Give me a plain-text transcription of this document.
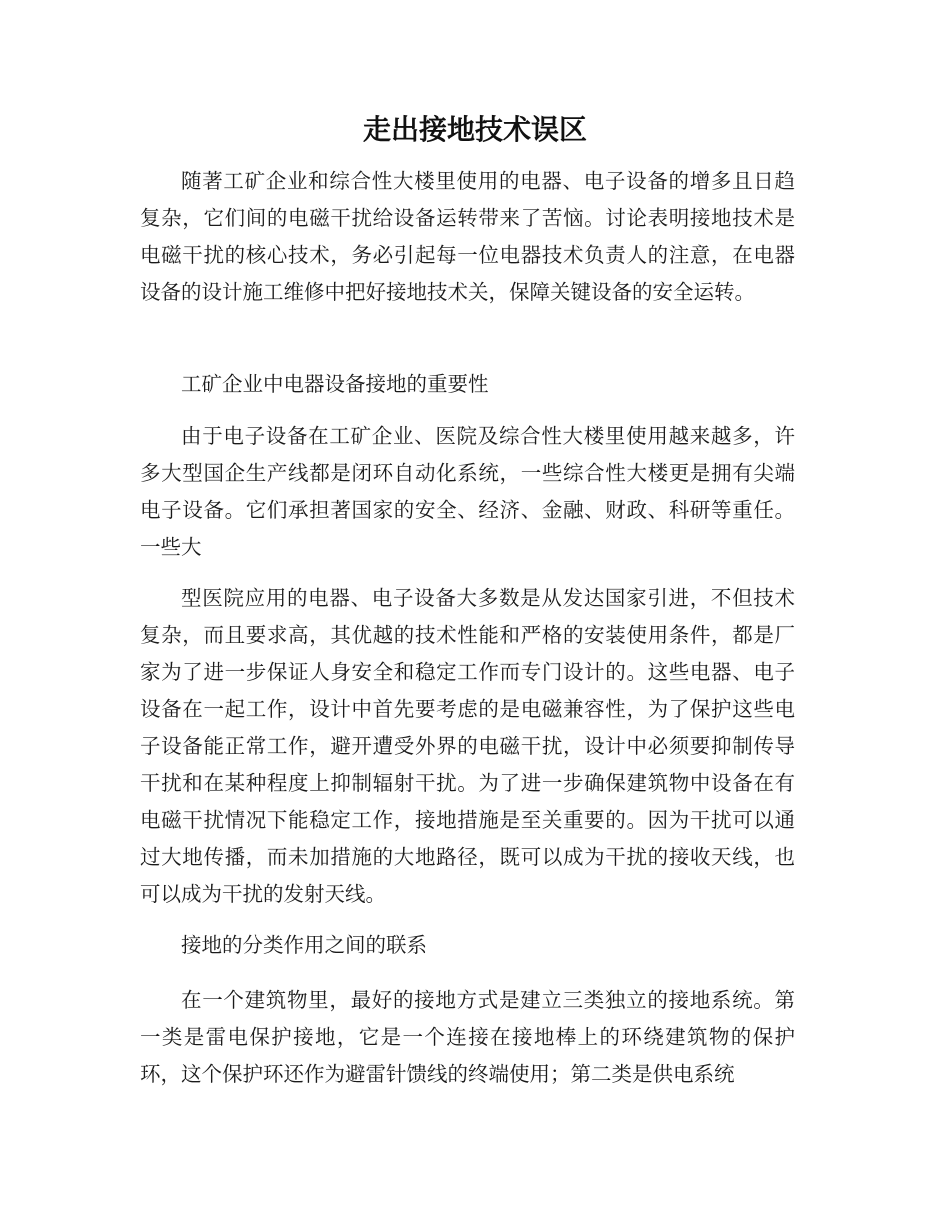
走出接地技术误区

随著工矿企业和综合性大楼里使用的电器、电子设备的增多且日趋复杂，它们间的电磁干扰给设备运转带来了苦恼。讨论表明接地技术是电磁干扰的核心技术，务必引起每一位电器技术负责人的注意，在电器设备的设计施工维修中把好接地技术关，保障关键设备的安全运转。

工矿企业中电器设备接地的重要性

由于电子设备在工矿企业、医院及综合性大楼里使用越来越多，许多大型国企生产线都是闭环自动化系统，一些综合性大楼更是拥有尖端电子设备。它们承担著国家的安全、经济、金融、财政、科研等重任。一些大

型医院应用的电器、电子设备大多数是从发达国家引进，不但技术复杂，而且要求高，其优越的技术性能和严格的安装使用条件，都是厂家为了进一步保证人身安全和稳定工作而专门设计的。这些电器、电子设备在一起工作，设计中首先要考虑的是电磁兼容性，为了保护这些电子设备能正常工作，避开遭受外界的电磁干扰，设计中必须要抑制传导干扰和在某种程度上抑制辐射干扰。为了进一步确保建筑物中设备在有电磁干扰情况下能稳定工作，接地措施是至关重要的。因为干扰可以通过大地传播，而未加措施的大地路径，既可以成为干扰的接收天线，也可以成为干扰的发射天线。

接地的分类作用之间的联系

在一个建筑物里，最好的接地方式是建立三类独立的接地系统。第一类是雷电保护接地，它是一个连接在接地棒上的环绕建筑物的保护环，这个保护环还作为避雷针馈线的终端使用；第二类是供电系统
